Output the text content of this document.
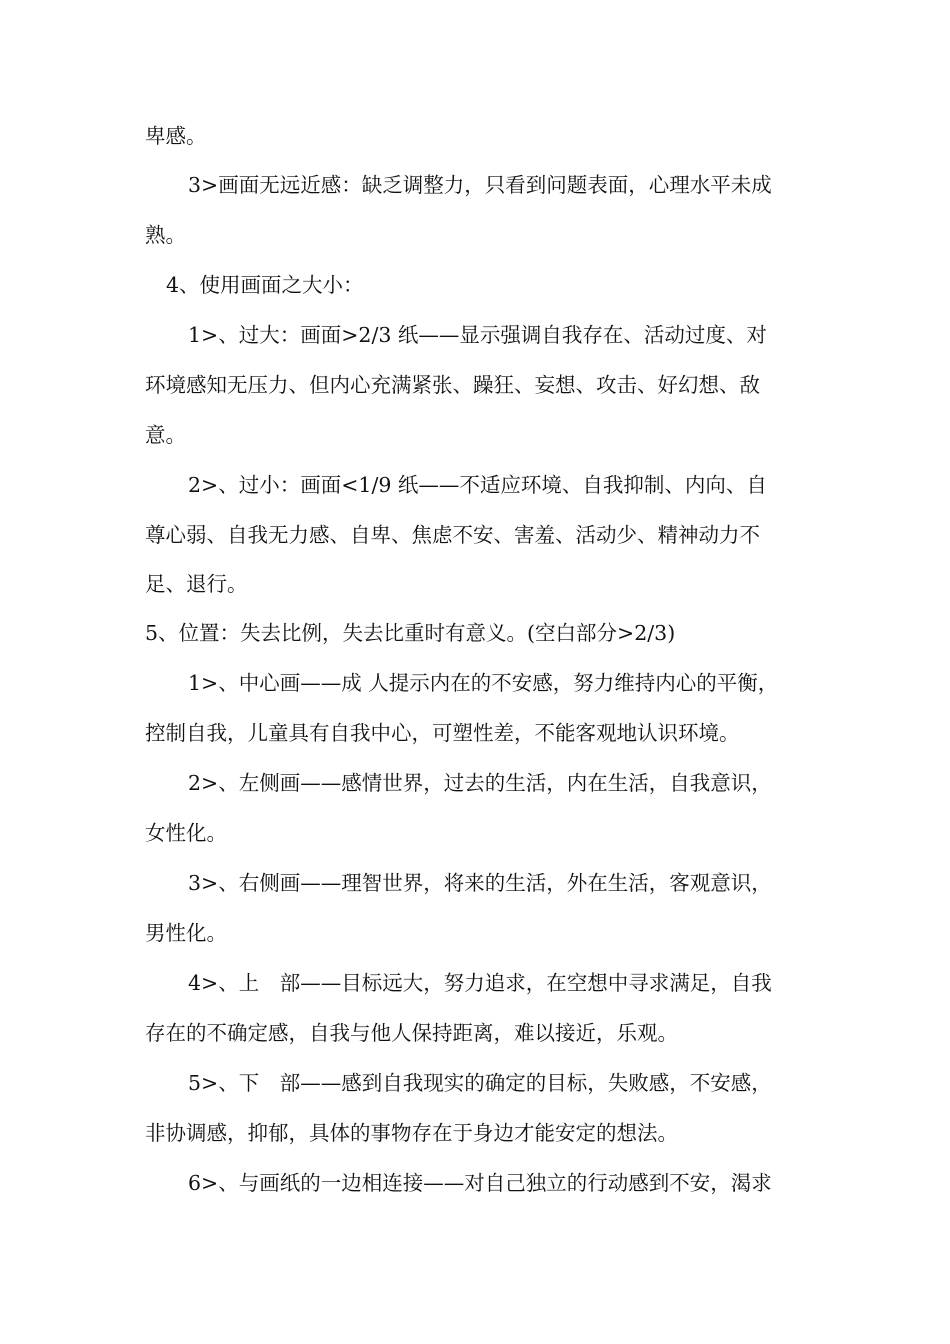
卑感。
3>画面无远近感：缺乏调整力，只看到问题表面，心理水平未成
熟。
4、使用画面之大小：
1>、过大：画面>2/3 纸——显示强调自我存在、活动过度、对
环境感知无压力、但内心充满紧张、躁狂、妄想、攻击、好幻想、敌
意。
2>、过小：画面<1/9 纸——不适应环境、自我抑制、内向、自
尊心弱、自我无力感、自卑、焦虑不安、害羞、活动少、精神动力不
足、退行。
5、位置：失去比例，失去比重时有意义。(空白部分>2/3)
1>、中心画——成 人提示内在的不安感，努力维持内心的平衡，
控制自我，儿童具有自我中心，可塑性差，不能客观地认识环境。
2>、左侧画——感情世界，过去的生活，内在生活，自我意识，
女性化。
3>、右侧画——理智世界，将来的生活，外在生活，客观意识，
男性化。
4>、上　部——目标远大，努力追求，在空想中寻求满足，自我
存在的不确定感，自我与他人保持距离，难以接近，乐观。
5>、下　部——感到自我现实的确定的目标，失败感，不安感，
非协调感，抑郁，具体的事物存在于身边才能安定的想法。
6>、与画纸的一边相连接——对自己独立的行动感到不安，渴求
